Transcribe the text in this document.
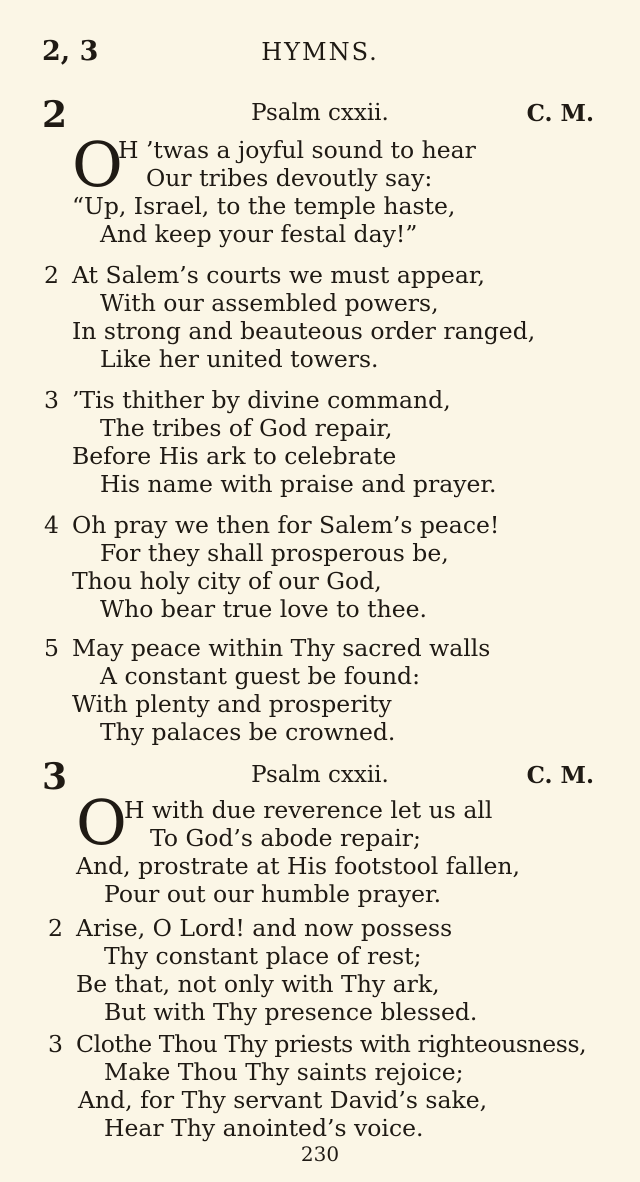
2, 3	HYMNS.
2	Psalm cxxii.	C. M.
O
H ’twas a joyful sound to hear
Our tribes devoutly say:
“Up, Israel, to the temple haste,
And keep your festal day!”
2 At Salem’s courts we must appear,
With our assembled powers,
In strong and beauteous order ranged,
Like her united towers.
3 ’Tis thither by divine command,
The tribes of God repair,
Before His ark to celebrate
His name with praise and prayer.
4 Oh pray we then for Salem’s peace!
For they shall prosperous be,
Thou holy city of our God,
Who bear true love to thee.
5 May peace within Thy sacred walls
A constant guest be found:
With plenty and prosperity
Thy palaces be crowned.
3	Psalm cxxii.	C. M.
O
H with due reverence let us all
To God’s abode repair;
And, prostrate at His footstool fallen,
Pour out our humble prayer.
2 Arise, O Lord! and now possess
Thy constant place of rest;
Be that, not only with Thy ark,
But with Thy presence blessed.
3 Clothe Thou Thy priests with righteousness,
Make Thou Thy saints rejoice;
And, for Thy servant David’s sake,
Hear Thy anointed’s voice.
230
